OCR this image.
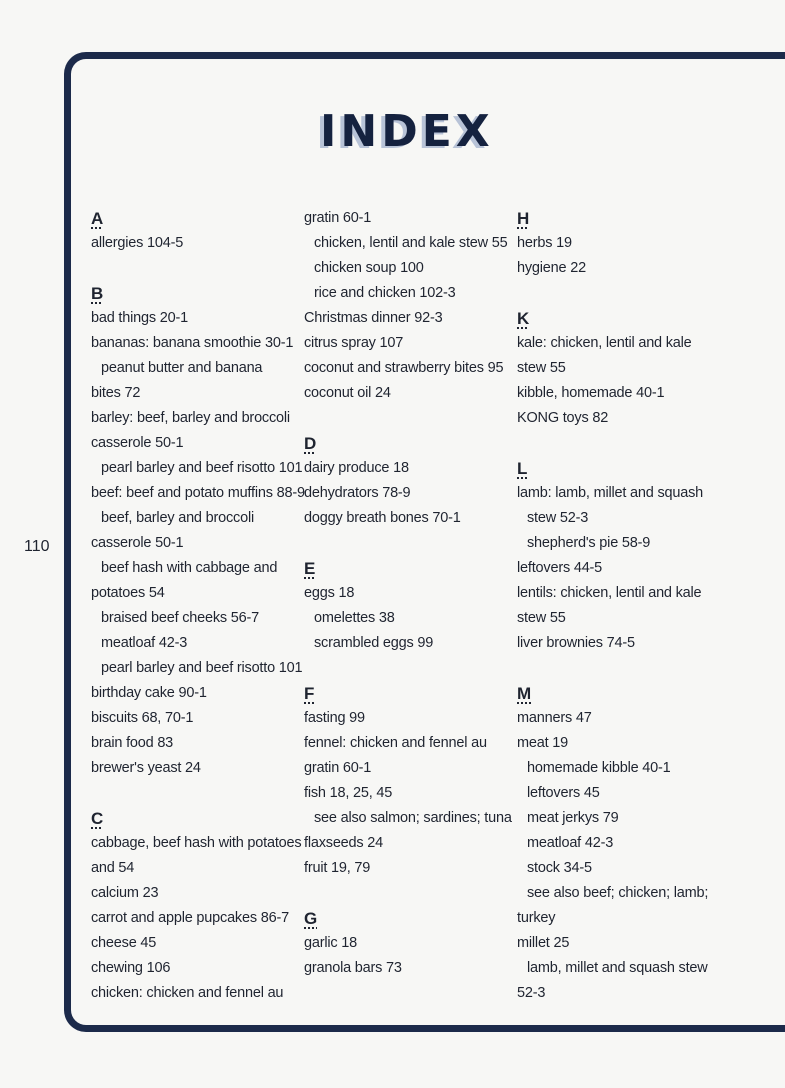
110
INDEX
A
allergies 104-5
B
bad things 20-1
bananas: banana smoothie 30-1
peanut butter and banana
bites 72
barley: beef, barley and broccoli
casserole 50-1
pearl barley and beef risotto 101
beef: beef and potato muffins 88-9
beef, barley and broccoli
casserole 50-1
beef hash with cabbage and
potatoes 54
braised beef cheeks 56-7
meatloaf 42-3
pearl barley and beef risotto 101
birthday cake 90-1
biscuits 68, 70-1
brain food 83
brewer's yeast 24
C
cabbage, beef hash with potatoes
and 54
calcium 23
carrot and apple pupcakes 86-7
cheese 45
chewing 106
chicken: chicken and fennel au
gratin 60-1
chicken, lentil and kale stew 55
chicken soup 100
rice and chicken 102-3
Christmas dinner 92-3
citrus spray 107
coconut and strawberry bites 95
coconut oil 24
D
dairy produce 18
dehydrators 78-9
doggy breath bones 70-1
E
eggs 18
omelettes 38
scrambled eggs 99
F
fasting 99
fennel: chicken and fennel au
gratin 60-1
fish 18, 25, 45
see also salmon; sardines; tuna
flaxseeds 24
fruit 19, 79
G
garlic 18
granola bars 73
H
herbs 19
hygiene 22
K
kale: chicken, lentil and kale
stew 55
kibble, homemade 40-1
KONG toys 82
L
lamb: lamb, millet and squash
stew 52-3
shepherd's pie 58-9
leftovers 44-5
lentils: chicken, lentil and kale
stew 55
liver brownies 74-5
M
manners 47
meat 19
homemade kibble 40-1
leftovers 45
meat jerkys 79
meatloaf 42-3
stock 34-5
see also beef; chicken; lamb;
turkey
millet 25
lamb, millet and squash stew
52-3
